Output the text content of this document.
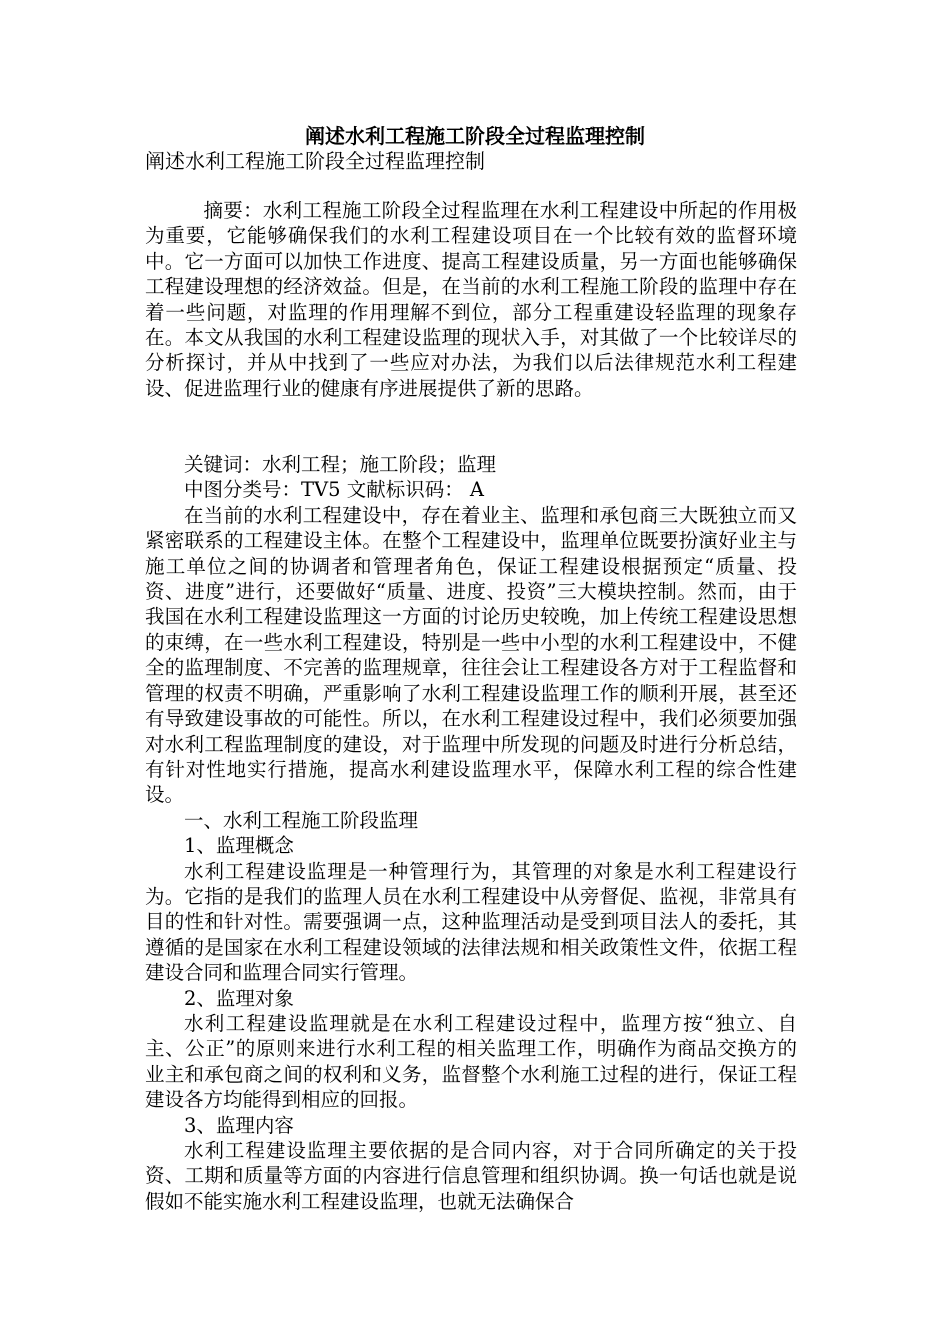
阐述水利工程施工阶段全过程监理控制
阐述水利工程施工阶段全过程监理控制

摘要：水利工程施工阶段全过程监理在水利工程建设中所起的作用极为重要，它能够确保我们的水利工程建设项目在一个比较有效的监督环境中。它一方面可以加快工作进度、提高工程建设质量，另一方面也能够确保工程建设理想的经济效益。但是，在当前的水利工程施工阶段的监理中存在着一些问题，对监理的作用理解不到位，部分工程重建设轻监理的现象存在。本文从我国的水利工程建设监理的现状入手，对其做了一个比较详尽的分析探讨，并从中找到了一些应对办法，为我们以后法律规范水利工程建设、促进监理行业的健康有序进展提供了新的思路。

关键词：水利工程；施工阶段；监理

中图分类号：TV5 文献标识码： A

在当前的水利工程建设中，存在着业主、监理和承包商三大既独立而又紧密联系的工程建设主体。在整个工程建设中，监理单位既要扮演好业主与施工单位之间的协调者和管理者角色，保证工程建设根据预定“质量、投资、进度”进行，还要做好“质量、进度、投资”三大模块控制。然而，由于我国在水利工程建设监理这一方面的讨论历史较晚，加上传统工程建设思想的束缚，在一些水利工程建设，特别是一些中小型的水利工程建设中，不健全的监理制度、不完善的监理规章，往往会让工程建设各方对于工程监督和管理的权责不明确，严重影响了水利工程建设监理工作的顺利开展，甚至还有导致建设事故的可能性。所以，在水利工程建设过程中，我们必须要加强对水利工程监理制度的建设，对于监理中所发现的问题及时进行分析总结，有针对性地实行措施，提高水利建设监理水平，保障水利工程的综合性建设。

一、水利工程施工阶段监理

1、监理概念

水利工程建设监理是一种管理行为，其管理的对象是水利工程建设行为。它指的是我们的监理人员在水利工程建设中从旁督促、监视，非常具有目的性和针对性。需要强调一点，这种监理活动是受到项目法人的委托，其遵循的是国家在水利工程建设领域的法律法规和相关政策性文件，依据工程建设合同和监理合同实行管理。

2、监理对象

水利工程建设监理就是在水利工程建设过程中，监理方按“独立、自主、公正”的原则来进行水利工程的相关监理工作，明确作为商品交换方的业主和承包商之间的权利和义务，监督整个水利施工过程的进行，保证工程建设各方均能得到相应的回报。

3、监理内容

水利工程建设监理主要依据的是合同内容，对于合同所确定的关于投资、工期和质量等方面的内容进行信息管理和组织协调。换一句话也就是说假如不能实施水利工程建设监理，也就无法确保合
